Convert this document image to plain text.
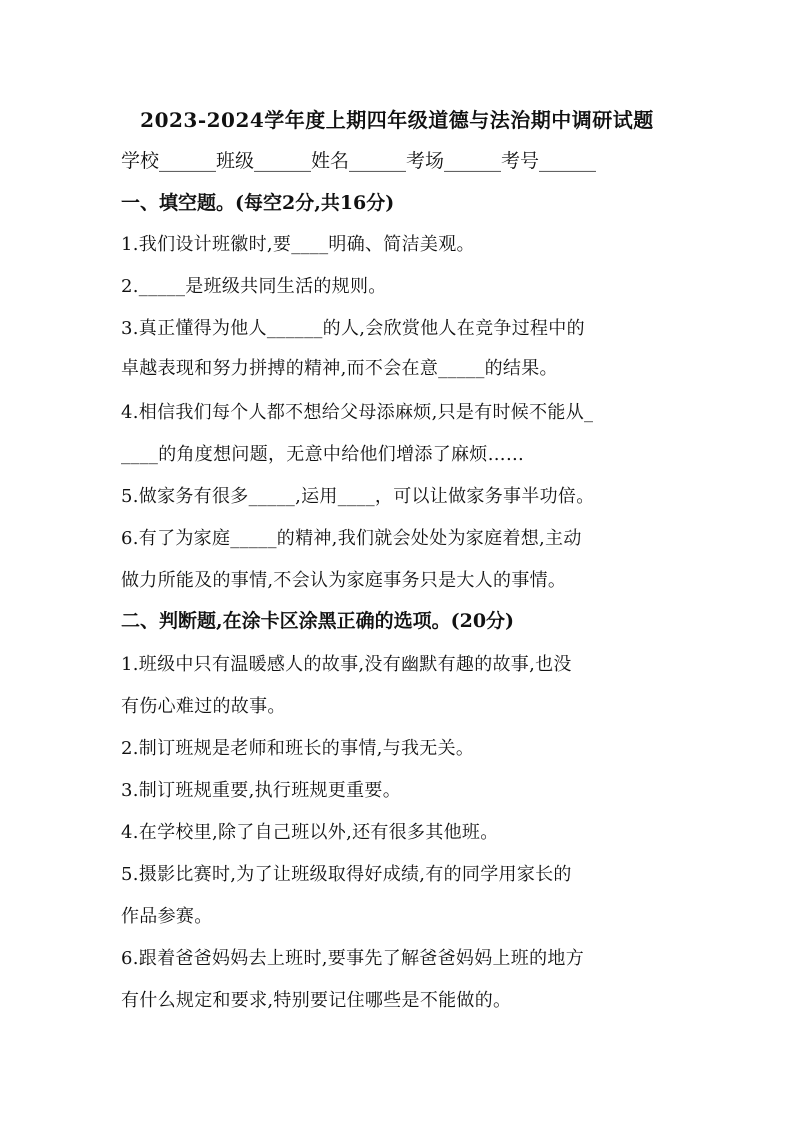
2023-2024学年度上期四年级道德与法治期中调研试题
学校______班级______姓名______考场______考号______
一、填空题。(每空2分,共16分)
1.我们设计班徽时,要____明确、简洁美观。
2._____是班级共同生活的规则。
3.真正懂得为他人______的人,会欣赏他人在竞争过程中的
卓越表现和努力拼搏的精神,而不会在意_____的结果。
4.相信我们每个人都不想给父母添麻烦,只是有时候不能从_
____的角度想问题，无意中给他们增添了麻烦……
5.做家务有很多_____,运用____，可以让做家务事半功倍。
6.有了为家庭_____的精神,我们就会处处为家庭着想,主动
做力所能及的事情,不会认为家庭事务只是大人的事情。
二、判断题,在涂卡区涂黑正确的选项。(20分)
1.班级中只有温暖感人的故事,没有幽默有趣的故事,也没
有伤心难过的故事。
2.制订班规是老师和班长的事情,与我无关。
3.制订班规重要,执行班规更重要。
4.在学校里,除了自己班以外,还有很多其他班。
5.摄影比赛时,为了让班级取得好成绩,有的同学用家长的
作品参赛。
6.跟着爸爸妈妈去上班时,要事先了解爸爸妈妈上班的地方
有什么规定和要求,特别要记住哪些是不能做的。
